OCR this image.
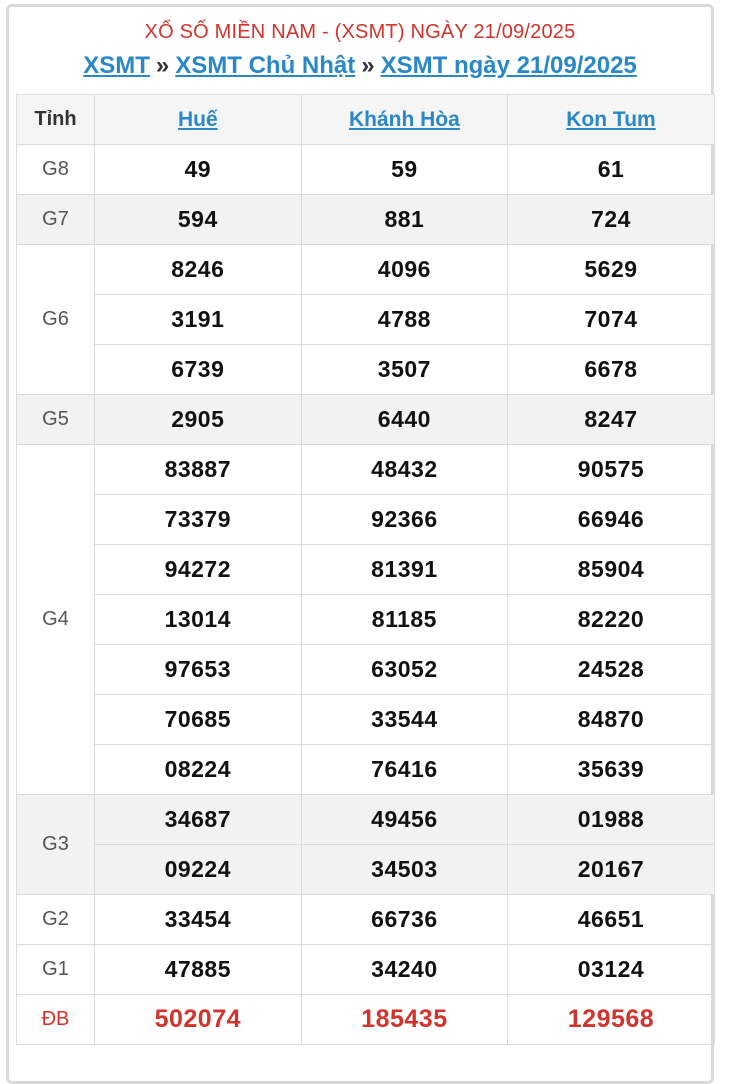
XỔ SỐ MIỀN NAM - (XSMT) NGÀY 21/09/2025
XSMT » XSMT Chủ Nhật » XSMT ngày 21/09/2025
Tỉnh	Huế	Khánh Hòa	Kon Tum
G8	49	59	61
G7	594	881	724
G6	8246	4096	5629
	3191	4788	7074
	6739	3507	6678
G5	2905	6440	8247
G4	83887	48432	90575
	73379	92366	66946
	94272	81391	85904
	13014	81185	82220
	97653	63052	24528
	70685	33544	84870
	08224	76416	35639
G3	34687	49456	01988
	09224	34503	20167
G2	33454	66736	46651
G1	47885	34240	03124
ĐB	502074	185435	129568
